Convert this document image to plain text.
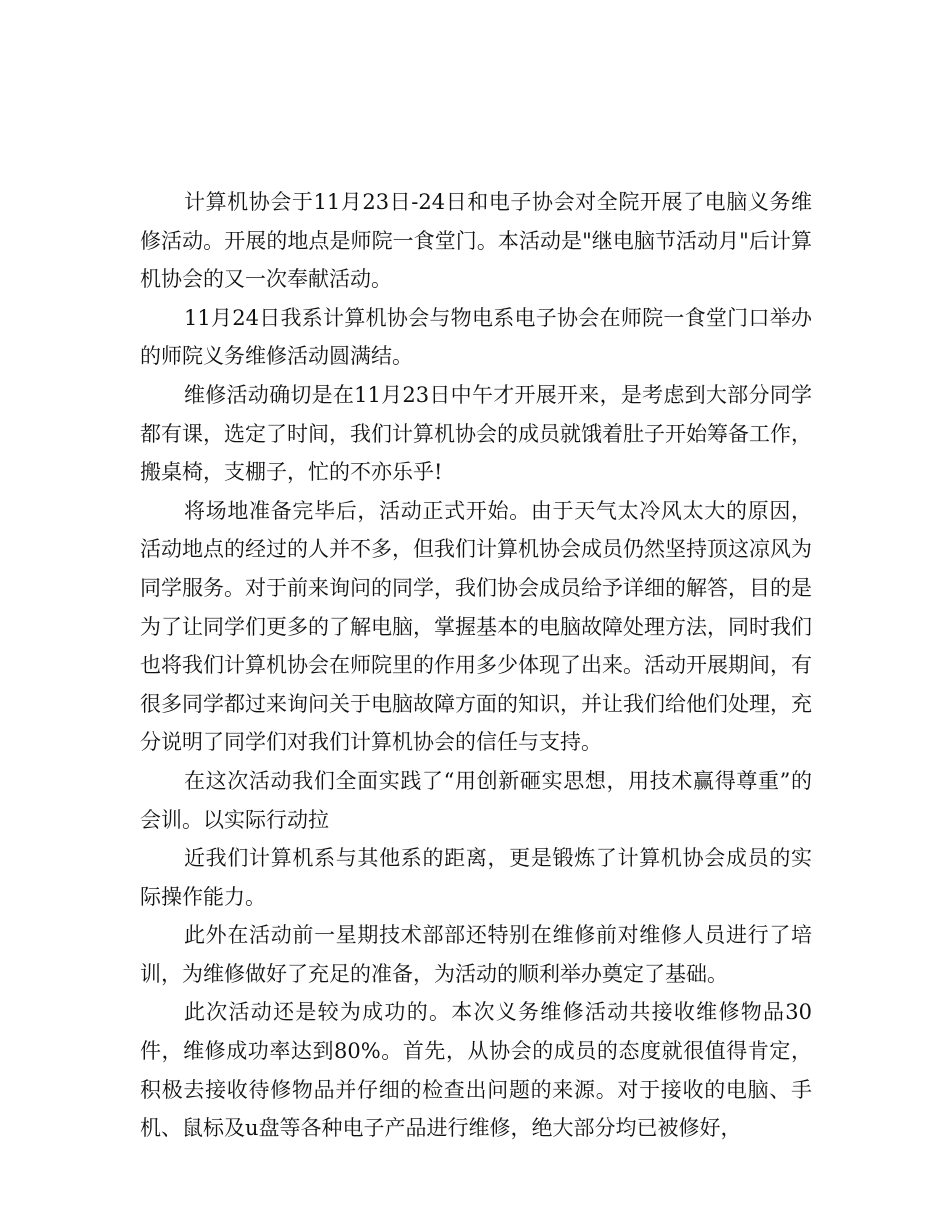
计算机协会于11月23日-24日和电子协会对全院开展了电脑义务维修活动。开展的地点是师院一食堂门。本活动是"继电脑节活动月"后计算机协会的又一次奉献活动。

11月24日我系计算机协会与物电系电子协会在师院一食堂门口举办的师院义务维修活动圆满结。

维修活动确切是在11月23日中午才开展开来，是考虑到大部分同学都有课，选定了时间，我们计算机协会的成员就饿着肚子开始筹备工作，搬桌椅，支棚子，忙的不亦乐乎!

将场地准备完毕后，活动正式开始。由于天气太冷风太大的原因，活动地点的经过的人并不多，但我们计算机协会成员仍然坚持顶这凉风为同学服务。对于前来询问的同学，我们协会成员给予详细的解答，目的是为了让同学们更多的了解电脑，掌握基本的电脑故障处理方法，同时我们也将我们计算机协会在师院里的作用多少体现了出来。活动开展期间，有很多同学都过来询问关于电脑故障方面的知识，并让我们给他们处理，充分说明了同学们对我们计算机协会的信任与支持。

在这次活动我们全面实践了“用创新砸实思想，用技术赢得尊重”的会训。以实际行动拉

近我们计算机系与其他系的距离，更是锻炼了计算机协会成员的实际操作能力。

此外在活动前一星期技术部部还特别在维修前对维修人员进行了培训，为维修做好了充足的准备，为活动的顺利举办奠定了基础。

此次活动还是较为成功的。本次义务维修活动共接收维修物品30件，维修成功率达到80%。首先，从协会的成员的态度就很值得肯定，积极去接收待修物品并仔细的检查出问题的来源。对于接收的电脑、手机、鼠标及u盘等各种电子产品进行维修，绝大部分均已被修好，
